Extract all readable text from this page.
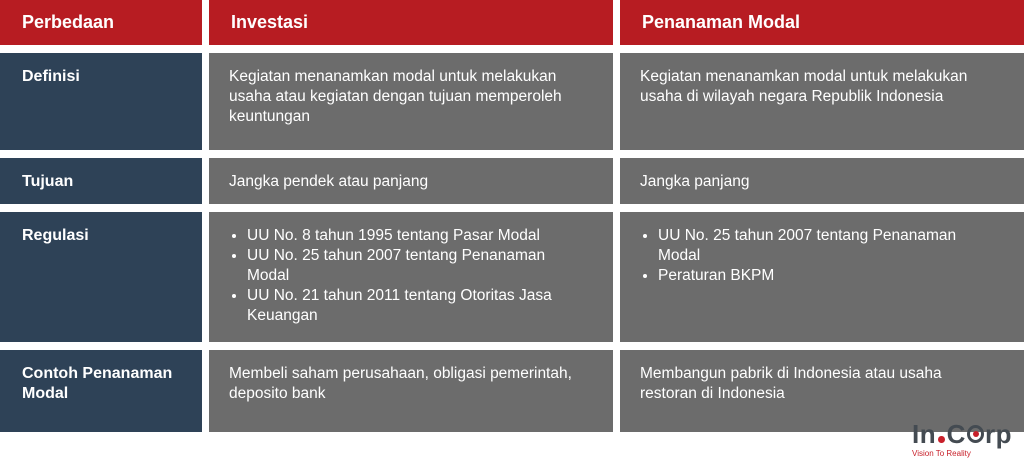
Perbedaan	Investasi	Penanaman Modal
Definisi	Kegiatan menanamkan modal untuk melakukan usaha atau kegiatan dengan tujuan memperoleh keuntungan
Kegiatan menanamkan modal untuk melakukan usaha di wilayah negara Republik Indonesia
Tujuan	Jangka pendek atau panjang	Jangka panjang
Regulasi
•	UU No. 8 tahun 1995 tentang Pasar Modal
• UU No. 25 tahun 2007 tentang Penanaman Modal
• UU No. 21 tahun 2011 tentang Otoritas Jasa Keuangan
• UU No. 25 tahun 2007 tentang Penanaman Modal
• Peraturan BKPM
Contoh Penanaman Modal
Membeli saham perusahaan, obligasi pemerintah, deposito bank
Membangun pabrik di Indonesia atau usaha restoran di Indonesia
In C rp
Vision To Reality
